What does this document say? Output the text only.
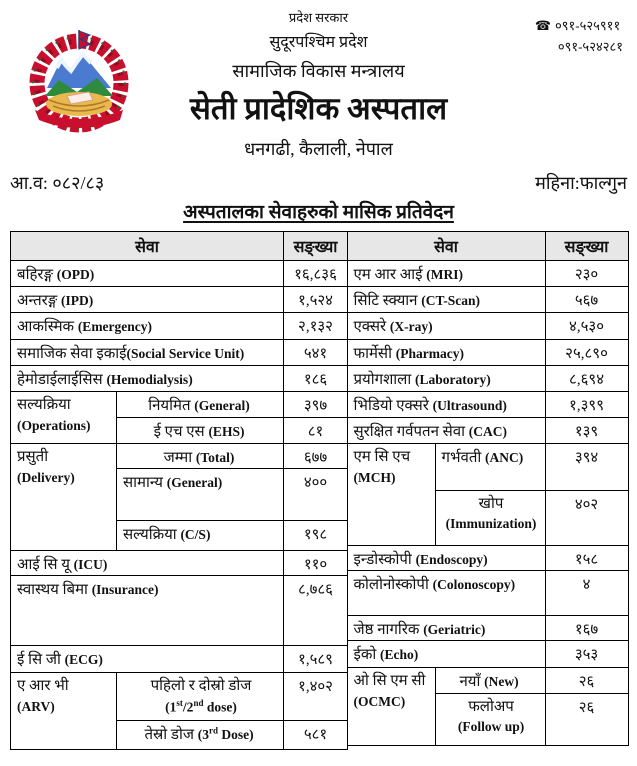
☎ ०९१-५२५९११
०९१-५२४२८१
प्रदेश सरकार
सुदूरपश्चिम प्रदेश
सामाजिक विकास मन्त्रालय
सेती प्रादेशिक अस्पताल
धनगढी, कैलाली, नेपाल
आ.व: ०८२/८३	महिना:फाल्गुन
अस्पतालका सेवाहरुको मासिक प्रतिवेदन
सेवा		सङ्ख्या
बहिरङ्ग (OPD)		१६,८३६
अन्तरङ्ग (IPD)		१,५२४
आकस्मिक (Emergency)		२,१३२
समाजिक सेवा इकाई(Social Service Unit)		५४१
हेमोडाईलाईसिस (Hemodialysis)		१८६

सल्यक्रिया
(Operations)	नियमित (General)	३९७
	ई एच एस (EHS)	८१

प्रसुती
(Delivery)	जम्मा (Total)	६७७
	सामान्य (General)	४००
	सल्यक्रिया (C/S)	१९८
आई सि यू (ICU)		११०
स्वास्थय बिमा (Insurance)		८,७८६
ई सि जी (ECG)		१,५८९

ए आर भी
(ARV)	पहिलो र दोस्रो डोज
(1st/2nd dose)	१,४०२
	तेस्रो डोज (3rd Dose)	५८१
सेवा		सङ्ख्या
एम आर आई (MRI)		२३०
सिटि स्क्यान (CT-Scan)		५६७
एक्सरे (X-ray)		४,५३०
फार्मेसी (Pharmacy)		२५,८९०
प्रयोगशाला (Laboratory)		८,६९४
भिडियो एक्सरे (Ultrasound)		१,३९९
सुरक्षित गर्वपतन सेवा (CAC)		१३९

एम सि एच
(MCH)	गर्भवती (ANC)	३९४

	खोप
(Immunization)	४०२
इन्डोस्कोपी (Endoscopy)		१५८
कोलोनोस्कोपी (Colonoscopy)		४
जेष्ठ नागरिक (Geriatric)		१६७
ईको (Echo)		३५३

ओ सि एम सी
(OCMC)	नयाँ (New)	२६

	फलोअप
(Follow up)	२६
